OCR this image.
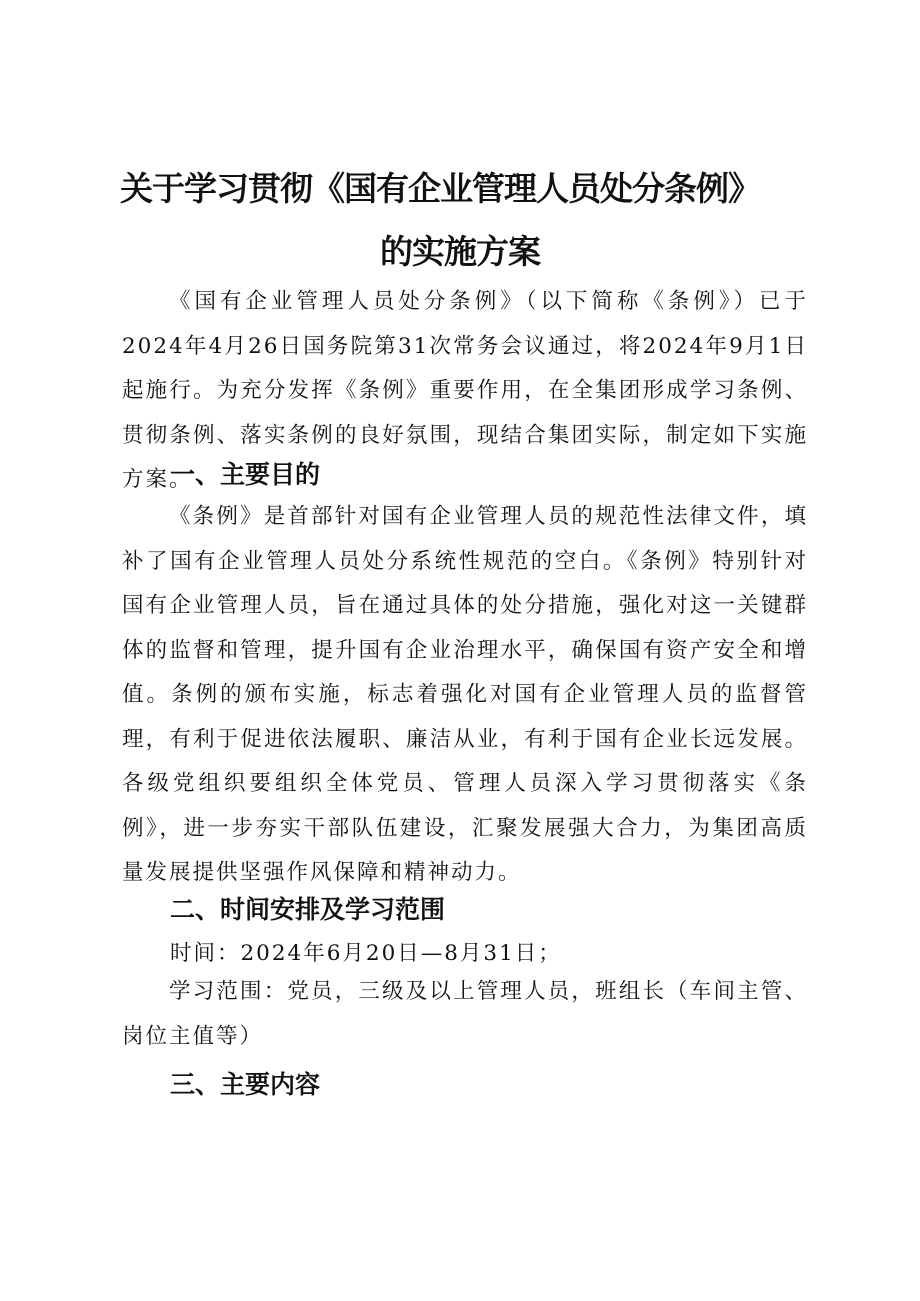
关于学习贯彻《国有企业管理人员处分条例》
的实施方案

《国有企业管理人员处分条例》（以下简称《条例》）已于2024年4月26日国务院第31次常务会议通过，将2024年9月1日起施行。为充分发挥《条例》重要作用，在全集团形成学习条例、贯彻条例、落实条例的良好氛围，现结合集团实际，制定如下实施方案。

一、主要目的

《条例》是首部针对国有企业管理人员的规范性法律文件，填补了国有企业管理人员处分系统性规范的空白。《条例》特别针对国有企业管理人员，旨在通过具体的处分措施，强化对这一关键群体的监督和管理，提升国有企业治理水平，确保国有资产安全和增值。条例的颁布实施，标志着强化对国有企业管理人员的监督管理，有利于促进依法履职、廉洁从业，有利于国有企业长远发展。各级党组织要组织全体党员、管理人员深入学习贯彻落实《条例》，进一步夯实干部队伍建设，汇聚发展强大合力，为集团高质量发展提供坚强作风保障和精神动力。

二、时间安排及学习范围
时间：2024年6月20日—8月31日；

学习范围：党员，三级及以上管理人员，班组长（车间主管、岗位主值等）

三、主要内容
